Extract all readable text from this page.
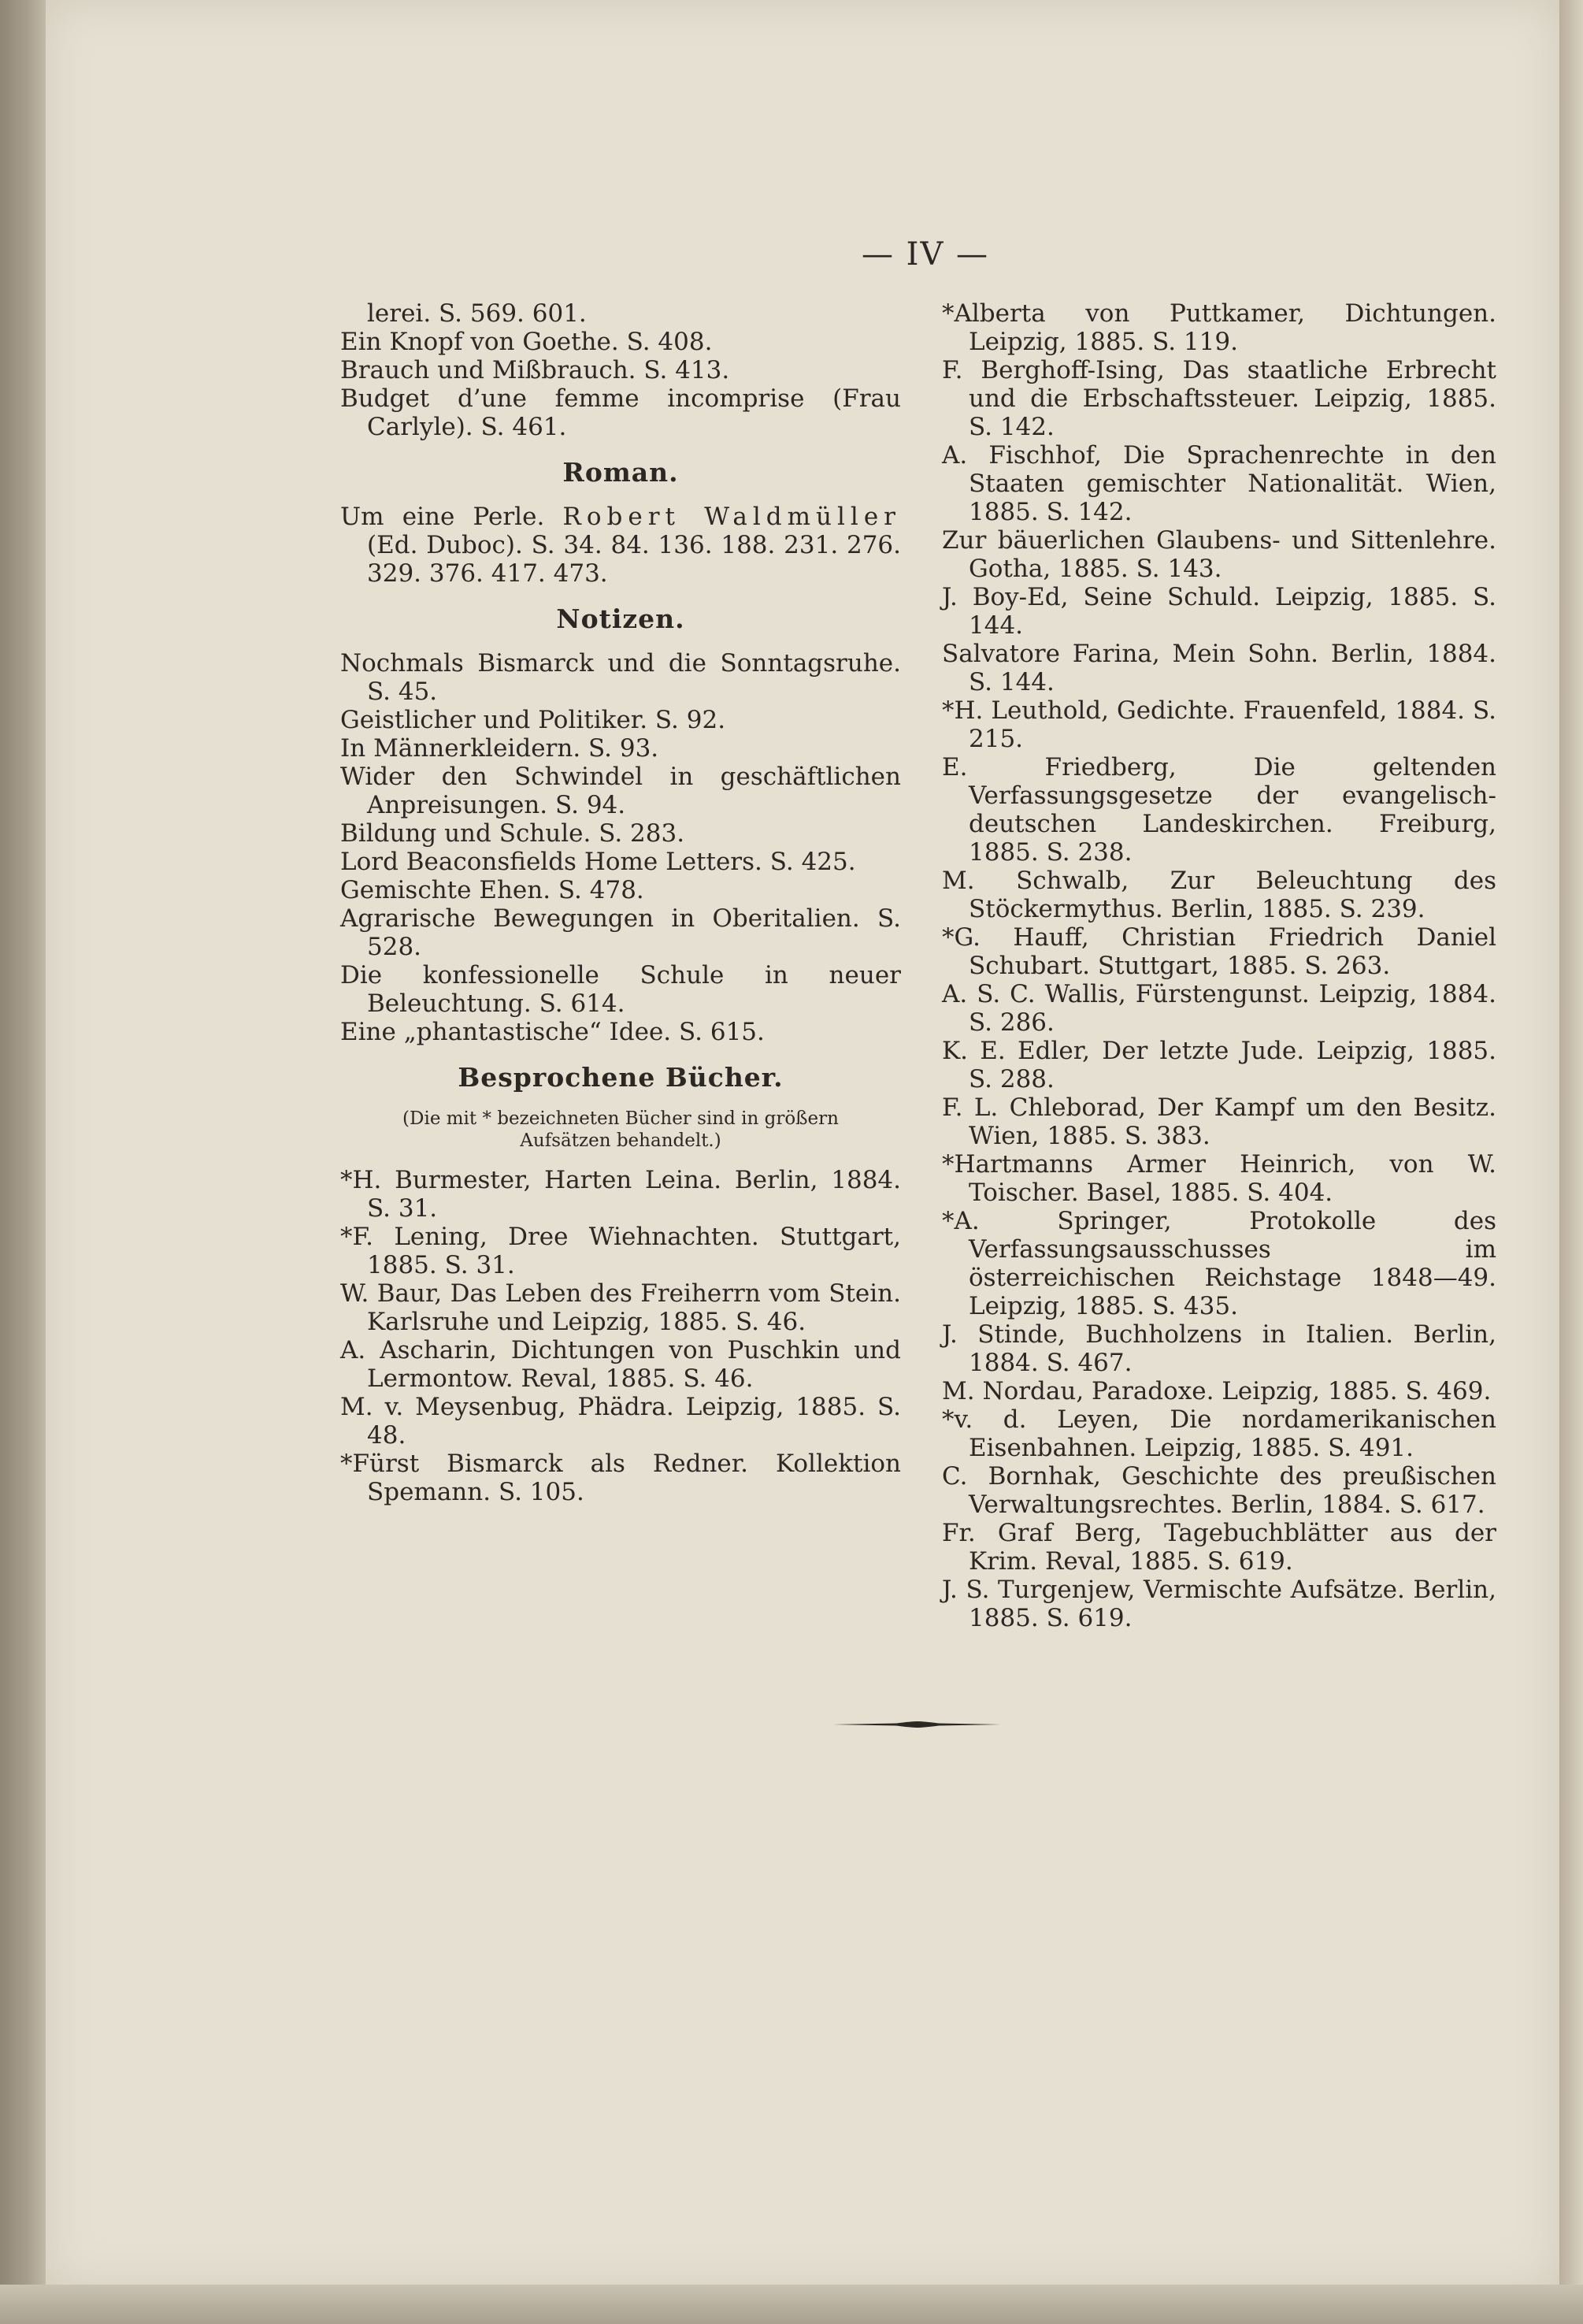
— IV —

lerei. S. 569. 601.

Ein Knopf von Goethe. S. 408.

Brauch und Mißbrauch. S. 413.

Budget d’une femme incomprise (Frau Carlyle). S. 461.

Roman.

Um eine Perle. Robert Waldmüller (Ed. Duboc). S. 34. 84. 136. 188. 231. 276. 329. 376. 417. 473.

Notizen.

Nochmals Bismarck und die Sonntagsruhe. S. 45.

Geistlicher und Politiker. S. 92.

In Männerkleidern. S. 93.

Wider den Schwindel in geschäftlichen Anpreisungen. S. 94.

Bildung und Schule. S. 283.

Lord Beaconsfields Home Letters. S. 425.

Gemischte Ehen. S. 478.

Agrarische Bewegungen in Oberitalien. S. 528.

Die konfessionelle Schule in neuer Beleuchtung. S. 614.

Eine „phantastische“ Idee. S. 615.

Besprochene Bücher.
(Die mit * bezeichneten Bücher sind in größern Aufsätzen behandelt.)

*H. Burmester, Harten Leina. Berlin, 1884. S. 31.

*F. Lening, Dree Wiehnachten. Stuttgart, 1885. S. 31.

W. Baur, Das Leben des Freiherrn vom Stein. Karlsruhe und Leipzig, 1885. S. 46.

A. Ascharin, Dichtungen von Puschkin und Lermontow. Reval, 1885. S. 46.

M. v. Meysenbug, Phädra. Leipzig, 1885. S. 48.

*Fürst Bismarck als Redner. Kollektion Spemann. S. 105.

*Alberta von Puttkamer, Dichtungen. Leipzig, 1885. S. 119.

F. Berghoff-Ising, Das staatliche Erbrecht und die Erbschaftssteuer. Leipzig, 1885. S. 142.

A. Fischhof, Die Sprachenrechte in den Staaten gemischter Nationalität. Wien, 1885. S. 142.

Zur bäuerlichen Glaubens- und Sittenlehre. Gotha, 1885. S. 143.

J. Boy-Ed, Seine Schuld. Leipzig, 1885. S. 144.

Salvatore Farina, Mein Sohn. Berlin, 1884. S. 144.

*H. Leuthold, Gedichte. Frauenfeld, 1884. S. 215.

E. Friedberg, Die geltenden Verfassungsgesetze der evangelisch-deutschen Landeskirchen. Freiburg, 1885. S. 238.

M. Schwalb, Zur Beleuchtung des Stöckermythus. Berlin, 1885. S. 239.

*G. Hauff, Christian Friedrich Daniel Schubart. Stuttgart, 1885. S. 263.

A. S. C. Wallis, Fürstengunst. Leipzig, 1884. S. 286.

K. E. Edler, Der letzte Jude. Leipzig, 1885. S. 288.

F. L. Chleborad, Der Kampf um den Besitz. Wien, 1885. S. 383.

*Hartmanns Armer Heinrich, von W. Toischer. Basel, 1885. S. 404.

*A. Springer, Protokolle des Verfassungsausschusses im österreichischen Reichstage 1848—49. Leipzig, 1885. S. 435.

J. Stinde, Buchholzens in Italien. Berlin, 1884. S. 467.

M. Nordau, Paradoxe. Leipzig, 1885. S. 469.

*v. d. Leyen, Die nordamerikanischen Eisenbahnen. Leipzig, 1885. S. 491.

C. Bornhak, Geschichte des preußischen Verwaltungsrechtes. Berlin, 1884. S. 617.

Fr. Graf Berg, Tagebuchblätter aus der Krim. Reval, 1885. S. 619.

J. S. Turgenjew, Vermischte Aufsätze. Berlin, 1885. S. 619.
